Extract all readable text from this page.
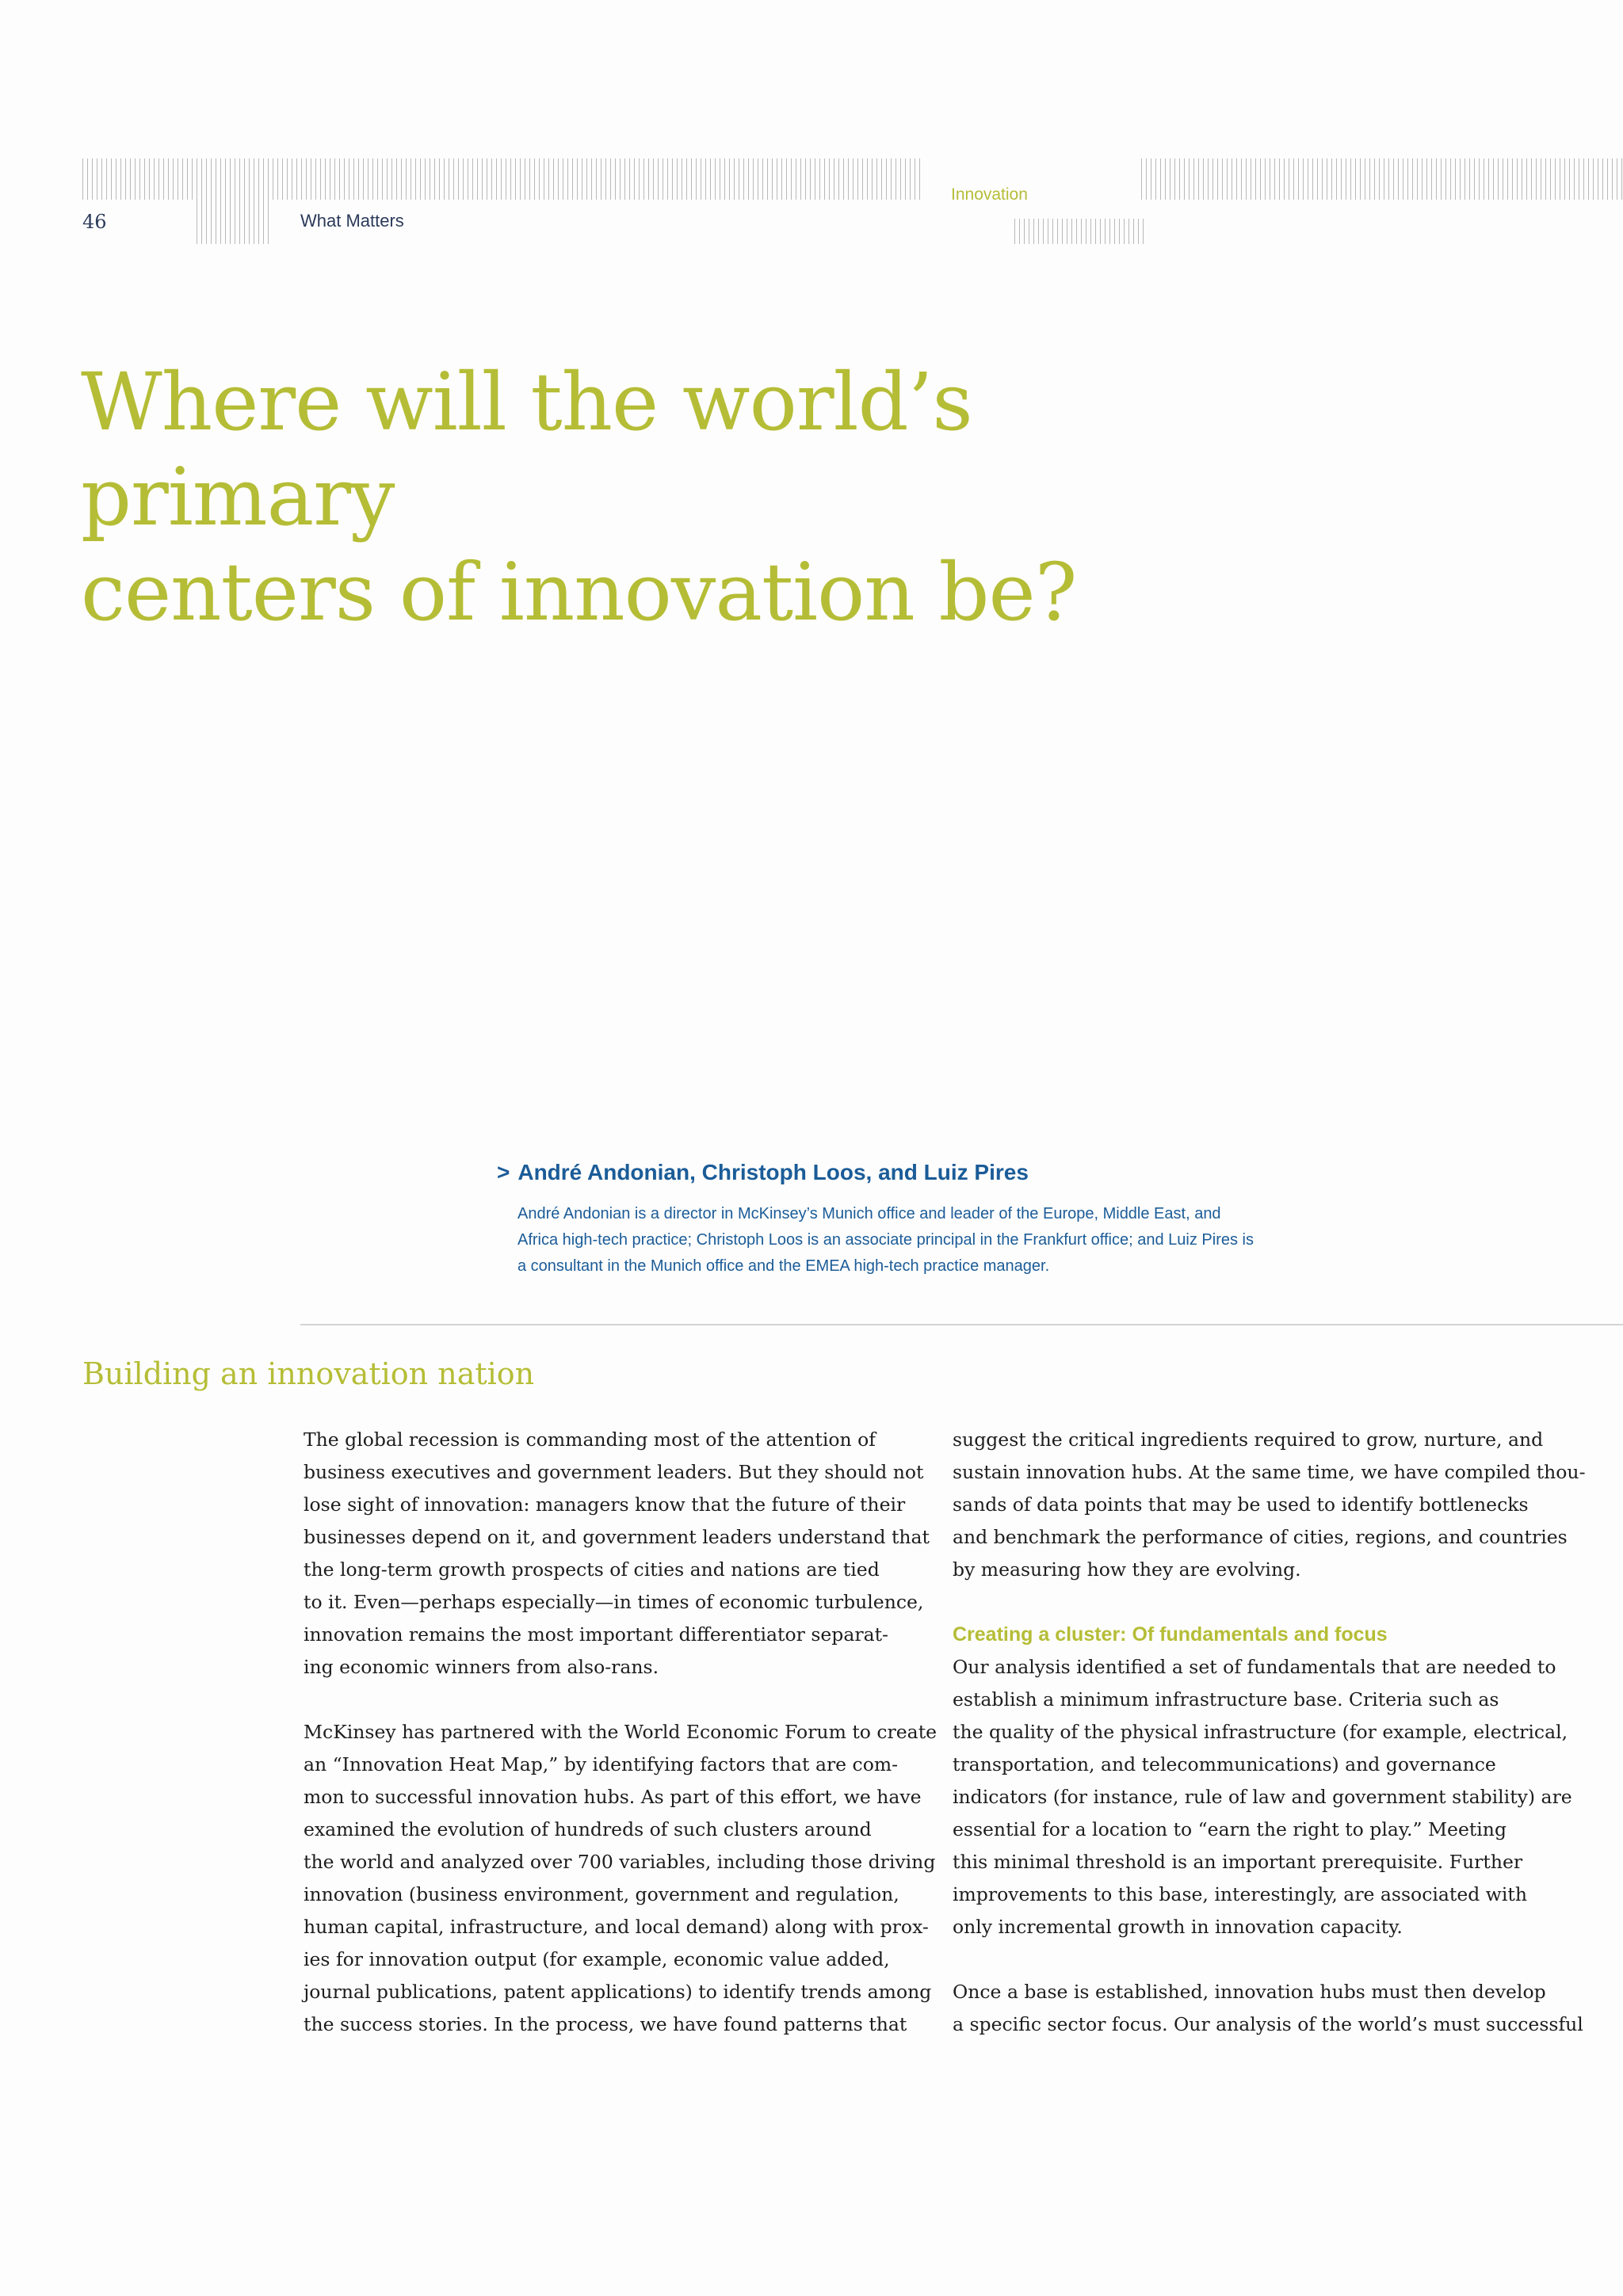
46	What Matters
Innovation
Where will the world’s primary
centers of innovation be?
> André Andonian, Christoph Loos, and Luiz Pires
André Andonian is a director in McKinsey’s Munich office and leader of the Europe, Middle East, and
Africa high-tech practice; Christoph Loos is an associate principal in the Frankfurt office; and Luiz Pires is
a consultant in the Munich office and the EMEA high-tech practice manager.
Building an innovation nation
The global recession is commanding most of the attention of
business executives and government leaders. But they should not
lose sight of innovation: managers know that the future of their
businesses depend on it, and government leaders understand that
the long-term growth prospects of cities and nations are tied
to it. Even—perhaps especially—in times of economic turbulence,
innovation remains the most important differentiator separat-
ing economic winners from also-rans.
McKinsey has partnered with the World Economic Forum to create
an “Innovation Heat Map,” by identifying factors that are com-
mon to successful innovation hubs. As part of this effort, we have
examined the evolution of hundreds of such clusters around
the world and analyzed over 700 variables, including those driving
innovation (business environment, government and regulation,
human capital, infrastructure, and local demand) along with prox-
ies for innovation output (for example, economic value added,
journal publications, patent applications) to identify trends among
the success stories. In the process, we have found patterns that
suggest the critical ingredients required to grow, nurture, and
sustain innovation hubs. At the same time, we have compiled thou-
sands of data points that may be used to identify bottlenecks
and benchmark the performance of cities, regions, and countries
by measuring how they are evolving.
Creating a cluster: Of fundamentals and focus
Our analysis identified a set of fundamentals that are needed to
establish a minimum infrastructure base. Criteria such as
the quality of the physical infrastructure (for example, electrical,
transportation, and telecommunications) and governance
indicators (for instance, rule of law and government stability) are
essential for a location to “earn the right to play.” Meeting
this minimal threshold is an important prerequisite. Further
improvements to this base, interestingly, are associated with
only incremental growth in innovation capacity.
Once a base is established, innovation hubs must then develop
a specific sector focus. Our analysis of the world’s must successful
